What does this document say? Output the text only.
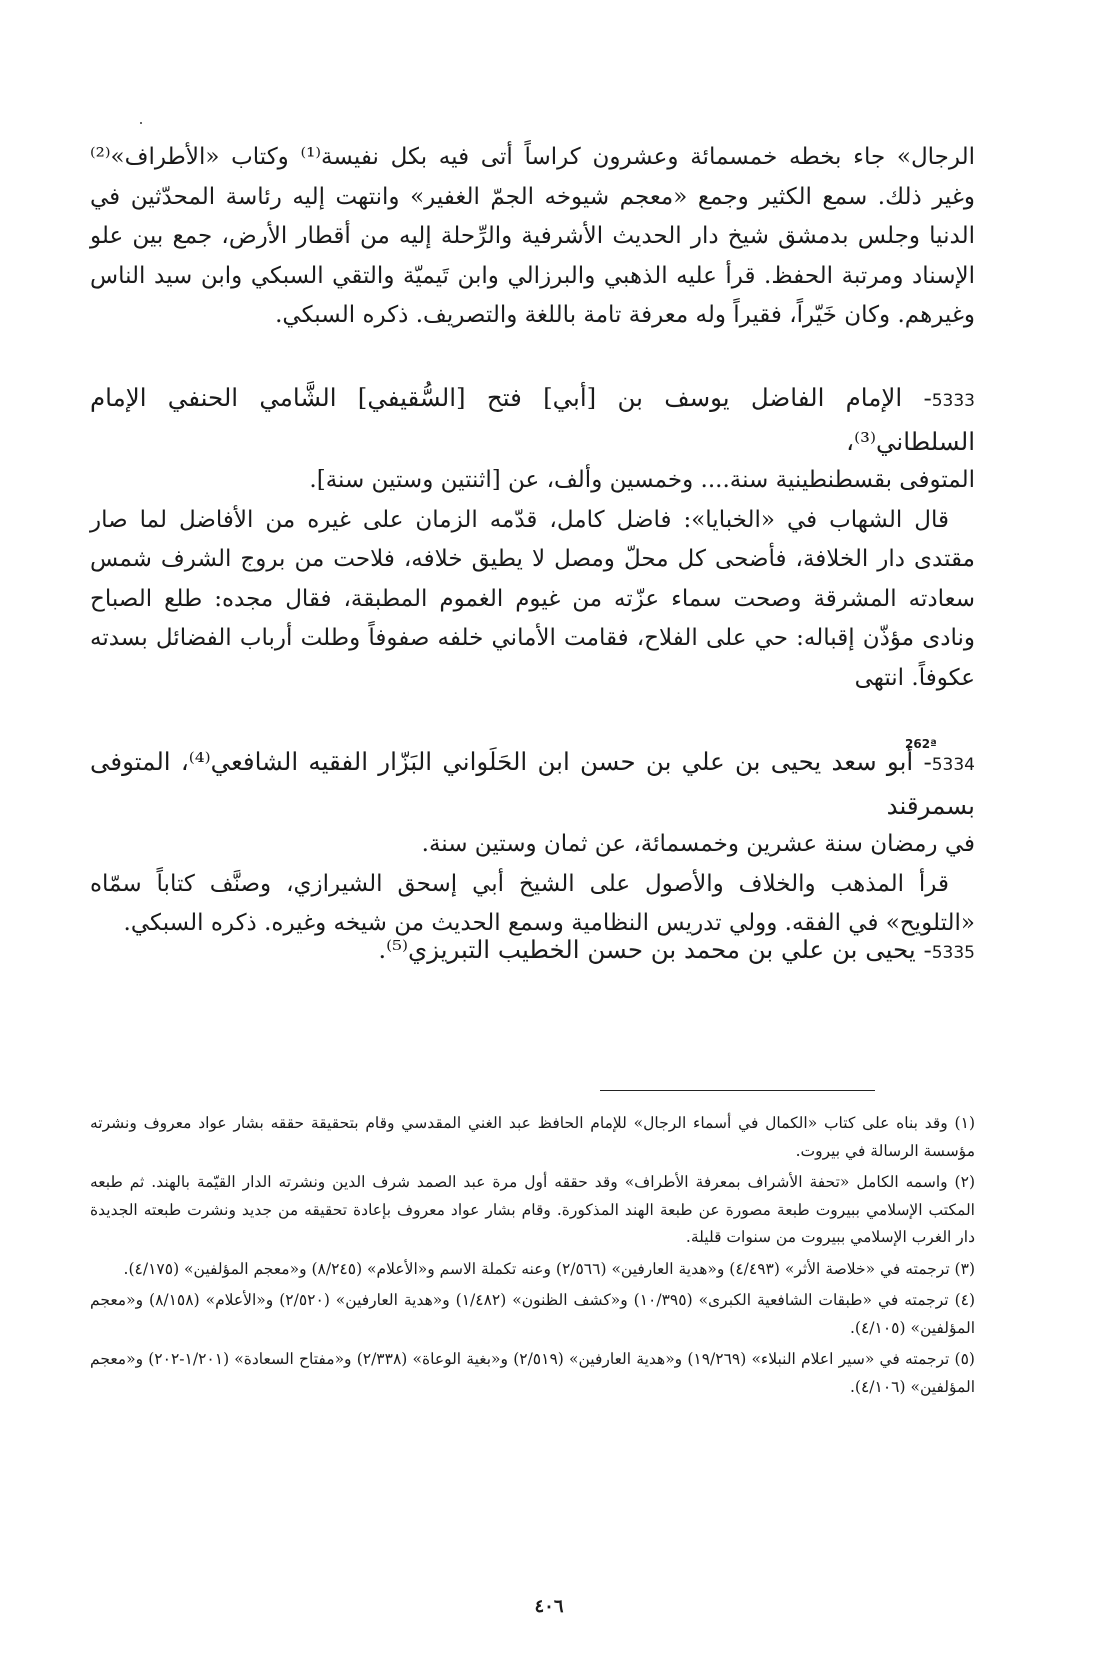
الرجال» جاء بخطه خمسمائة وعشرون كراساً أتى فيه بكل نفيسة⁽¹⁾ وكتاب «الأطراف»⁽²⁾ وغير ذلك. سمع الكثير وجمع «معجم شيوخه الجمّ الغفير» وانتهت إليه رئاسة المحدّثين في الدنيا وجلس بدمشق شيخ دار الحديث الأشرفية والرِّحلة إليه من أقطار الأرض، جمع بين علو الإسناد ومرتبة الحفظ. قرأ عليه الذهبي والبرزالي وابن تَيميّة والتقي السبكي وابن سيد الناس وغيرهم. وكان خَيّراً، فقيراً وله معرفة تامة باللغة والتصريف. ذكره السبكي.

5333- الإمام الفاضل يوسف بن [أبي] فتح [السُّقيفي] الشَّامي الحنفي الإمام السلطاني⁽³⁾،

المتوفى بقسطنطينية سنة.... وخمسين وألف، عن [اثنتين وستين سنة].

قال الشهاب في «الخبايا»: فاضل كامل، قدّمه الزمان على غيره من الأفاضل لما صار مقتدى دار الخلافة، فأضحى كل محلّ ومصل لا يطيق خلافه، فلاحت من بروج الشرف شمس سعادته المشرقة وصحت سماء عزّته من غيوم الغموم المطبقة، فقال مجده: طلع الصباح ونادى مؤذّن إقباله: حي على الفلاح، فقامت الأماني خلفه صفوفاً وطلت أرباب الفضائل بسدته عكوفاً. انتهى

262ª

5334- أبو سعد يحيى بن علي بن حسن ابن الحَلَواني البَزّار الفقيه الشافعي⁽⁴⁾، المتوفى بسمرقند

في رمضان سنة عشرين وخمسمائة، عن ثمان وستين سنة.

قرأ المذهب والخلاف والأصول على الشيخ أبي إسحق الشيرازي، وصنَّف كتاباً سمّاه «التلويح» في الفقه. وولي تدريس النظامية وسمع الحديث من شيخه وغيره. ذكره السبكي.

5335- يحيى بن علي بن محمد بن حسن الخطيب التبريزي⁽⁵⁾.

(١) وقد بناه على كتاب «الكمال في أسماء الرجال» للإمام الحافظ عبد الغني المقدسي وقام بتحقيقة حققه بشار عواد معروف ونشرته مؤسسة الرسالة في بيروت.

(٢) واسمه الكامل «تحفة الأشراف بمعرفة الأطراف» وقد حققه أول مرة عبد الصمد شرف الدين ونشرته الدار القيّمة بالهند. ثم طبعه المكتب الإسلامي ببيروت طبعة مصورة عن طبعة الهند المذكورة. وقام بشار عواد معروف بإعادة تحقيقه من جديد ونشرت طبعته الجديدة دار الغرب الإسلامي ببيروت من سنوات قليلة.

(٣) ترجمته في «خلاصة الأثر» (٤/٤٩٣) و«هدية العارفين» (٢/٥٦٦) وعنه تكملة الاسم و«الأعلام» (٨/٢٤٥) و«معجم المؤلفين» (٤/١٧٥).

(٤) ترجمته في «طبقات الشافعية الكبرى» (١٠/٣٩٥) و«كشف الظنون» (١/٤٨٢) و«هدية العارفين» (٢/٥٢٠) و«الأعلام» (٨/١٥٨) و«معجم المؤلفين» (٤/١٠٥).

(٥) ترجمته في «سير اعلام النبلاء» (١٩/٢٦٩) و«هدية العارفين» (٢/٥١٩) و«بغية الوعاة» (٢/٣٣٨) و«مفتاح السعادة» (١/٢٠١-٢٠٢) و«معجم المؤلفين» (٤/١٠٦).

٤٠٦
